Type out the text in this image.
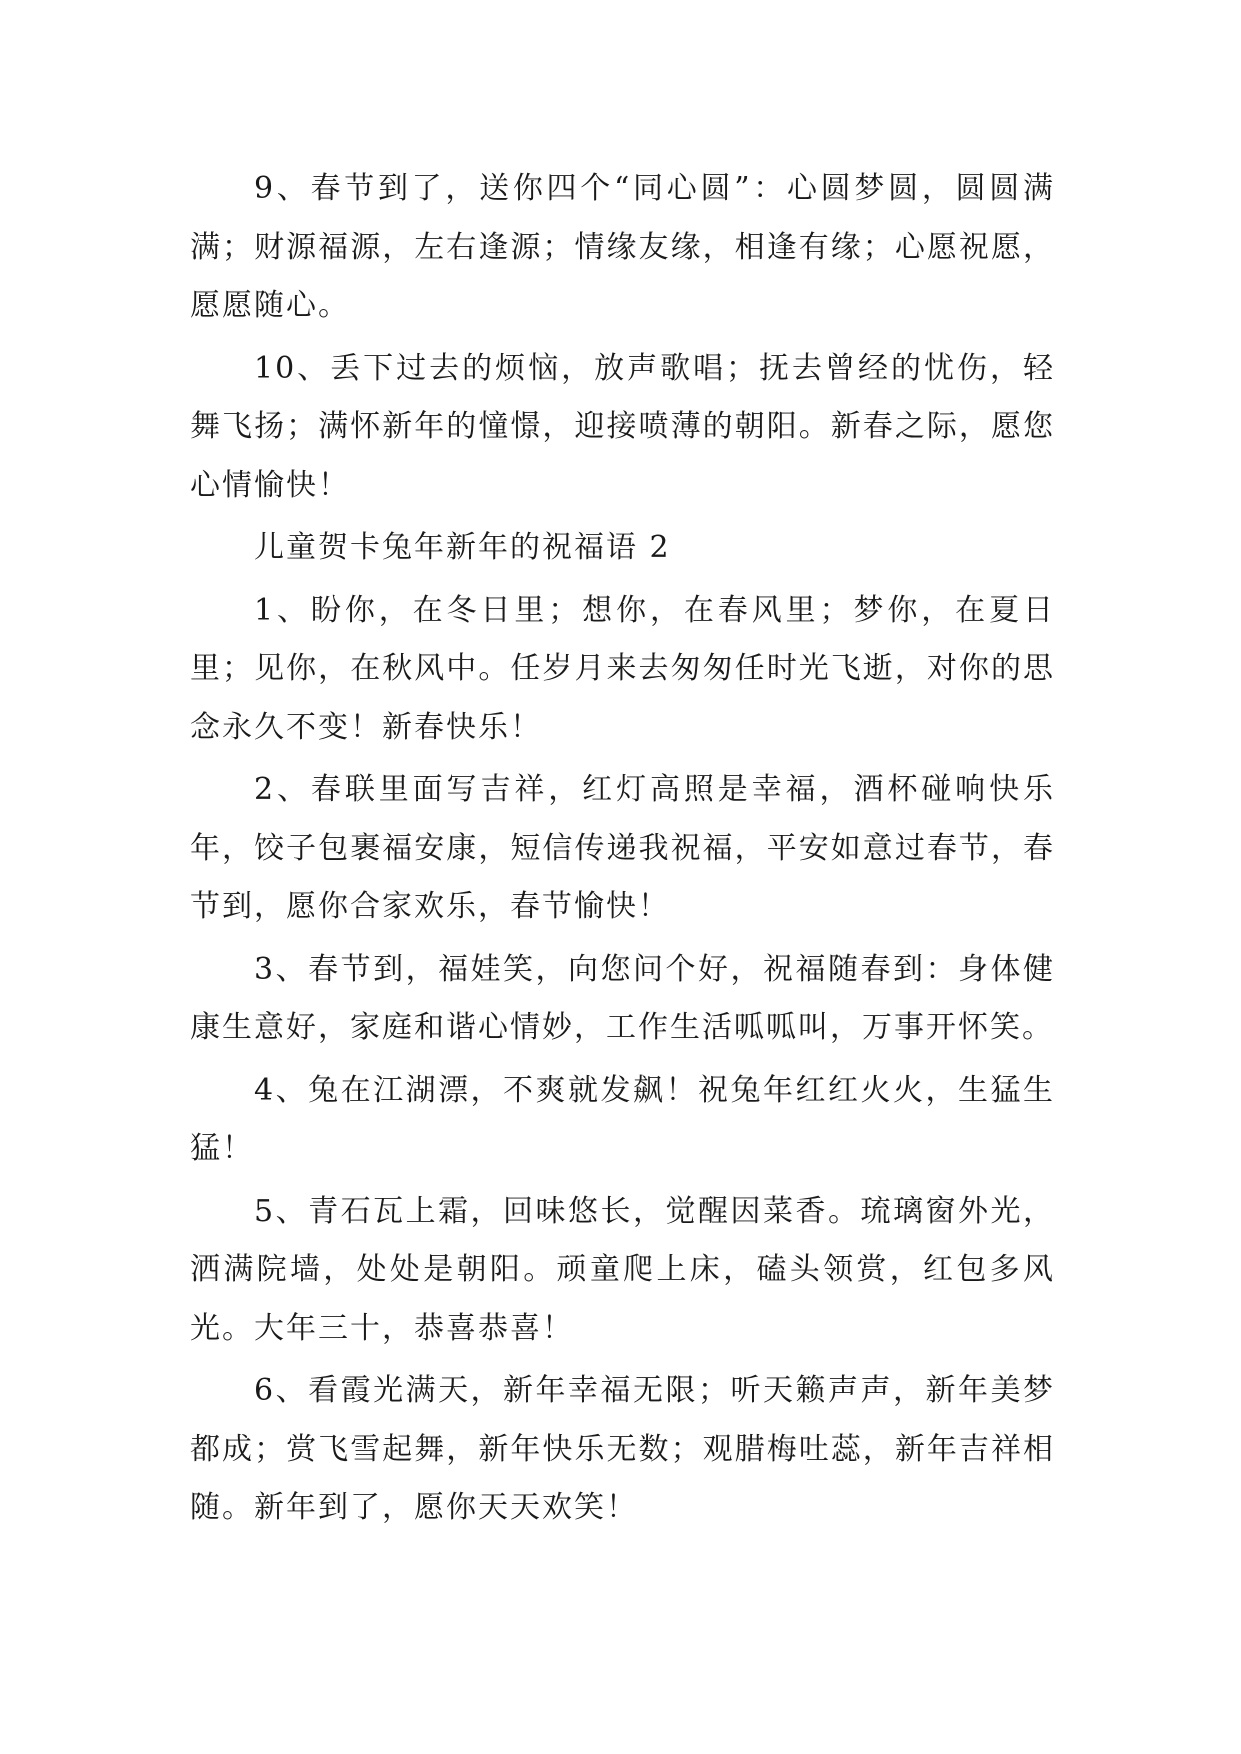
9、春节到了，送你四个“同心圆”：心圆梦圆，圆圆满满；财源福源，左右逢源；情缘友缘，相逢有缘；心愿祝愿，愿愿随心。

10、丢下过去的烦恼，放声歌唱；抚去曾经的忧伤，轻舞飞扬；满怀新年的憧憬，迎接喷薄的朝阳。新春之际，愿您心情愉快！

儿童贺卡兔年新年的祝福语 2

1、盼你，在冬日里；想你，在春风里；梦你，在夏日里；见你，在秋风中。任岁月来去匆匆任时光飞逝，对你的思念永久不变！新春快乐！

2、春联里面写吉祥，红灯高照是幸福，酒杯碰响快乐年，饺子包裹福安康，短信传递我祝福，平安如意过春节，春节到，愿你合家欢乐，春节愉快！

3、春节到，福娃笑，向您问个好，祝福随春到：身体健康生意好，家庭和谐心情妙，工作生活呱呱叫，万事开怀笑。

4、兔在江湖漂，不爽就发飙！祝兔年红红火火，生猛生猛！

5、青石瓦上霜，回味悠长，觉醒因菜香。琉璃窗外光，洒满院墙，处处是朝阳。顽童爬上床，磕头领赏，红包多风光。大年三十，恭喜恭喜！

6、看霞光满天，新年幸福无限；听天籁声声，新年美梦都成；赏飞雪起舞，新年快乐无数；观腊梅吐蕊，新年吉祥相随。新年到了，愿你天天欢笑！
